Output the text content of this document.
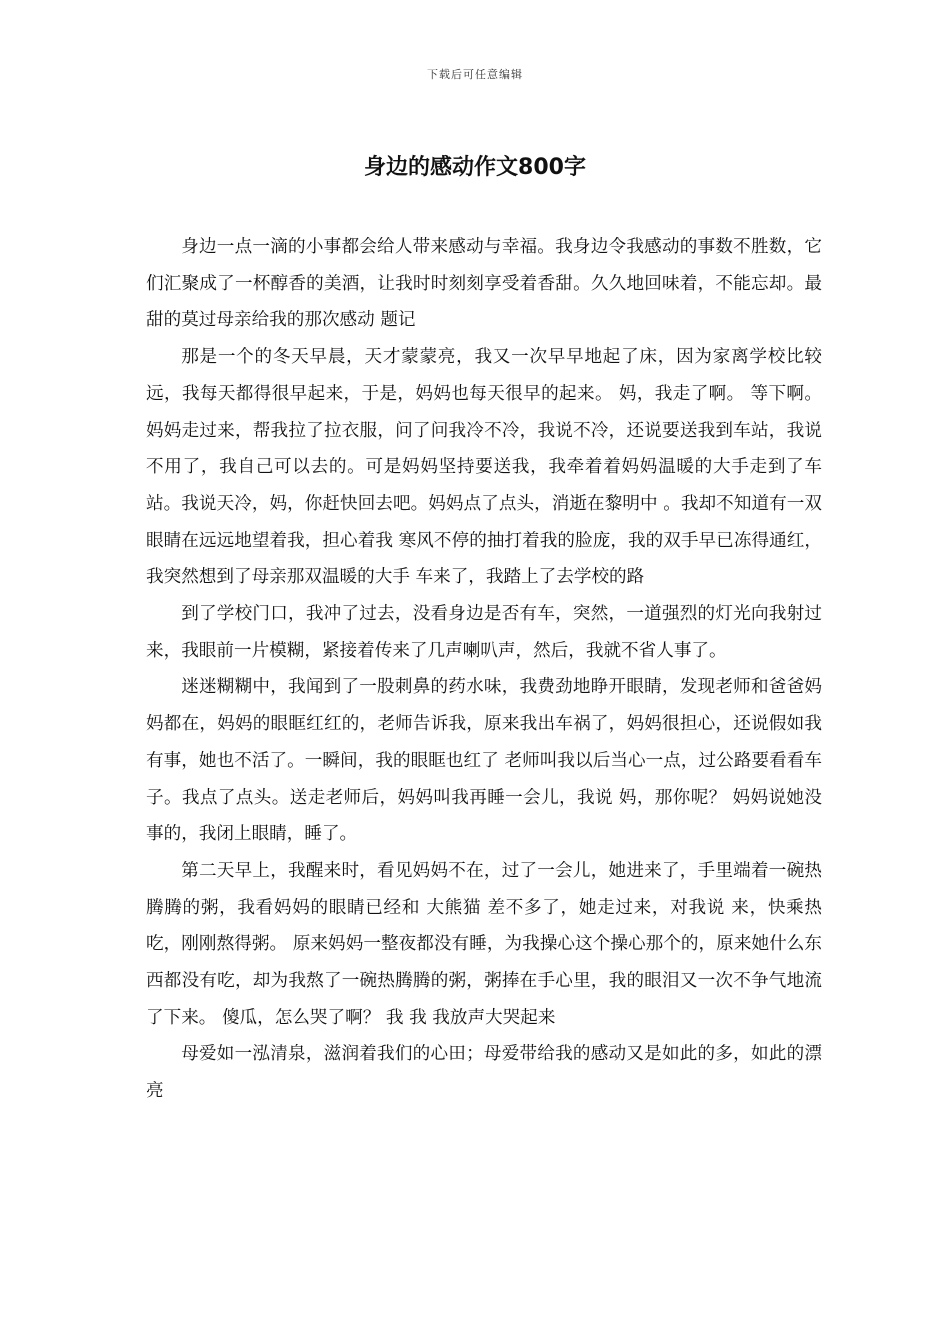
下载后可任意编辑
身边的感动作文800字

身边一点一滴的小事都会给人带来感动与幸福。我身边令我感动的事数不胜数，它们汇聚成了一杯醇香的美酒，让我时时刻刻享受着香甜。久久地回味着，不能忘却。最甜的莫过母亲给我的那次感动 题记

那是一个的冬天早晨，天才蒙蒙亮，我又一次早早地起了床，因为家离学校比较远，我每天都得很早起来，于是，妈妈也每天很早的起来。 妈，我走了啊。 等下啊。 妈妈走过来，帮我拉了拉衣服，问了问我冷不冷，我说不冷，还说要送我到车站，我说不用了，我自己可以去的。可是妈妈坚持要送我，我牵着着妈妈温暖的大手走到了车站。我说天冷，妈，你赶快回去吧。妈妈点了点头，消逝在黎明中 。我却不知道有一双眼睛在远远地望着我，担心着我 寒风不停的抽打着我的脸庞，我的双手早已冻得通红，我突然想到了母亲那双温暖的大手 车来了，我踏上了去学校的路

到了学校门口，我冲了过去，没看身边是否有车，突然，一道强烈的灯光向我射过来，我眼前一片模糊，紧接着传来了几声喇叭声，然后，我就不省人事了。

迷迷糊糊中，我闻到了一股刺鼻的药水味，我费劲地睁开眼睛，发现老师和爸爸妈妈都在，妈妈的眼眶红红的，老师告诉我，原来我出车祸了，妈妈很担心，还说假如我有事，她也不活了。一瞬间，我的眼眶也红了 老师叫我以后当心一点，过公路要看看车子。我点了点头。送走老师后，妈妈叫我再睡一会儿，我说 妈，那你呢？ 妈妈说她没事的，我闭上眼睛，睡了。

第二天早上，我醒来时，看见妈妈不在，过了一会儿，她进来了，手里端着一碗热腾腾的粥，我看妈妈的眼睛已经和 大熊猫 差不多了，她走过来，对我说 来，快乘热吃，刚刚熬得粥。 原来妈妈一整夜都没有睡，为我操心这个操心那个的，原来她什么东西都没有吃，却为我熬了一碗热腾腾的粥，粥捧在手心里，我的眼泪又一次不争气地流了下来。 傻瓜，怎么哭了啊？ 我 我 我放声大哭起来

母爱如一泓清泉，滋润着我们的心田；母爱带给我的感动又是如此的多，如此的漂亮
